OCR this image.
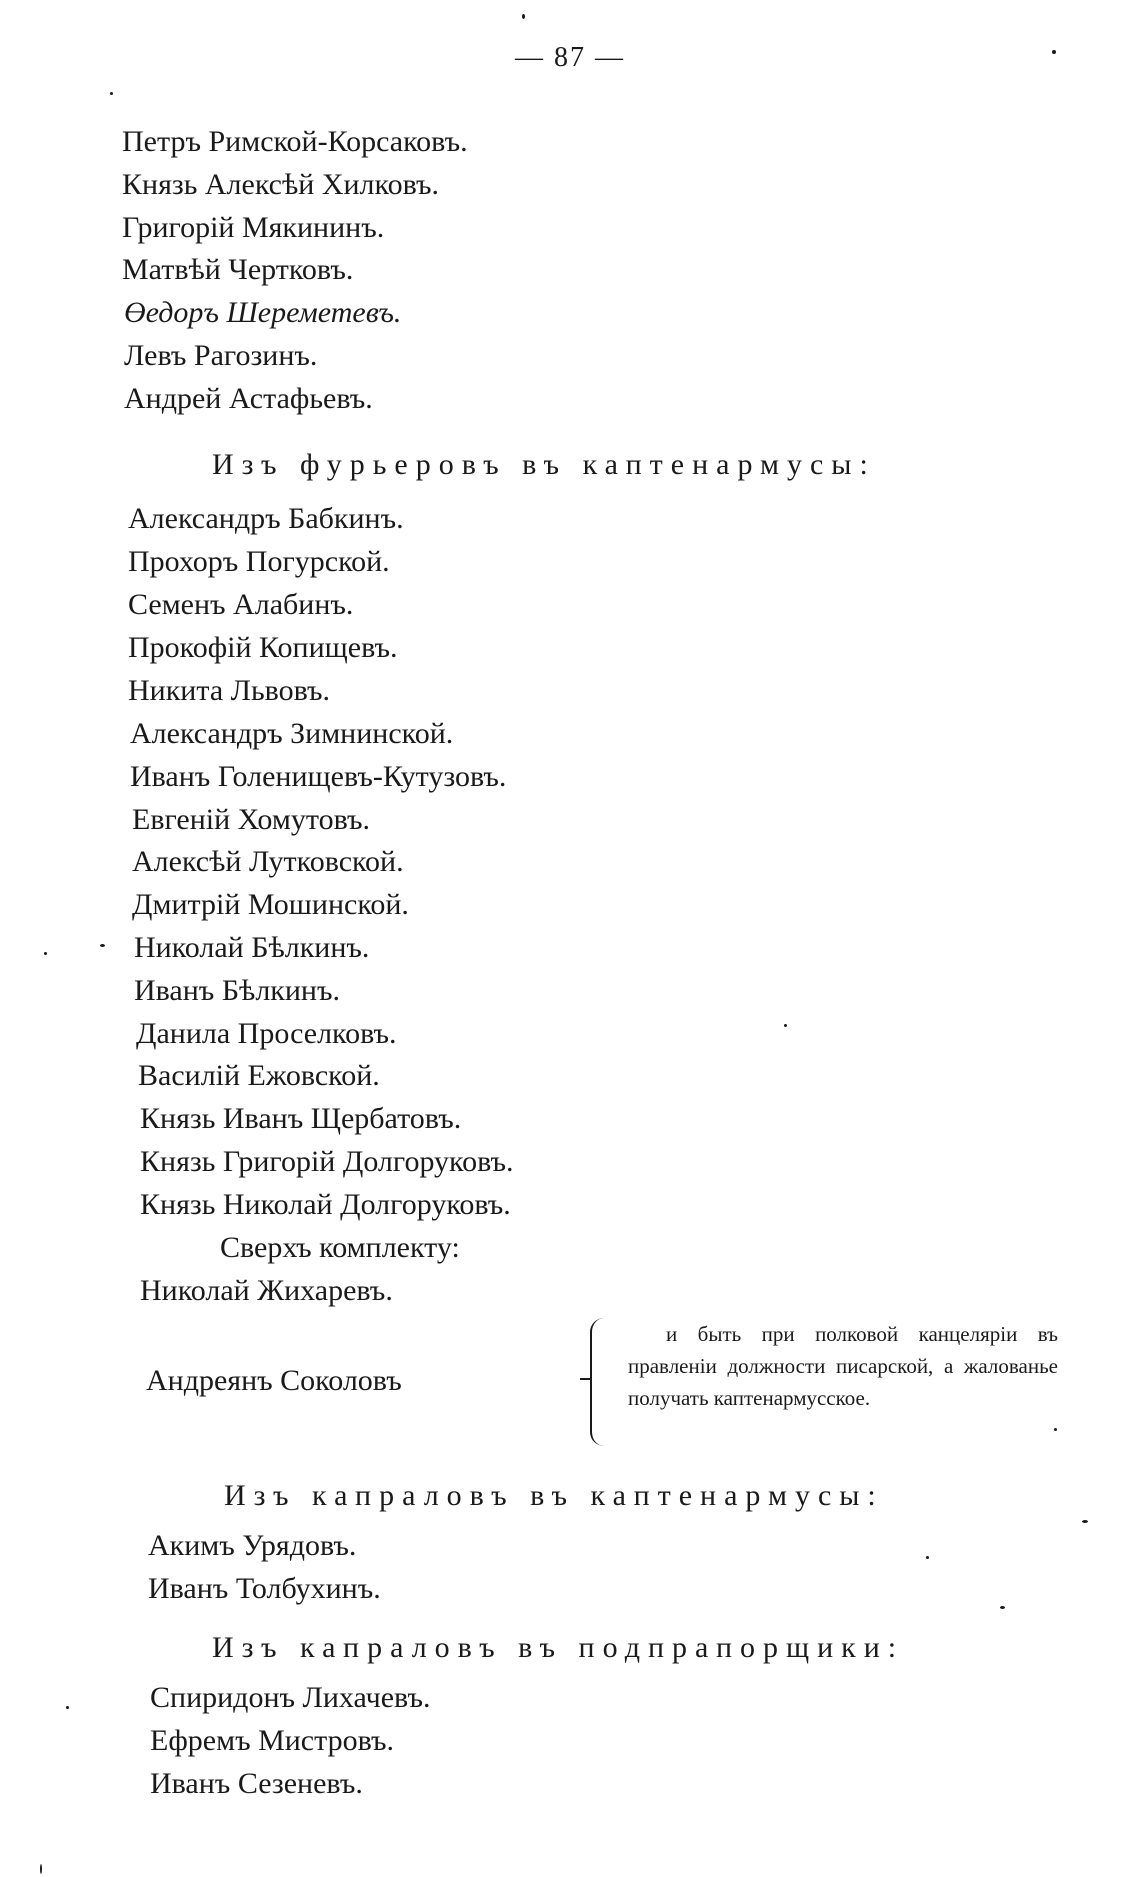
— 87 —
Петръ Римской-Корсаковъ.
Князь Алексѣй Хилковъ.
Григорій Мякининъ.
Матвѣй Чертковъ.
Өедоръ Шереметевъ.
Левъ Рагозинъ.
Андрей Астафьевъ.
Изъ фурьеровъ въ каптенармусы:
Александръ Бабкинъ.
Прохоръ Погурской.
Семенъ Алабинъ.
Прокофій Копищевъ.
Никита Львовъ.
Александръ Зимнинской.
Иванъ Голенищевъ-Кутузовъ.
Евгеній Хомутовъ.
Алексѣй Лутковской.
Дмитрій Мошинской.
Николай Бѣлкинъ.
Иванъ Бѣлкинъ.
Данила Проселковъ.
Василій Ежовской.
Князь Иванъ Щербатовъ.
Князь Григорій Долгоруковъ.
Князь Николай Долгоруковъ.
Сверхъ комплекту:
Николай Жихаревъ.
Андреянъ Соколовъ
и быть при полковой канцеляріи въ правленіи должности писарской, а жалованье получать каптенармусское.
Изъ капраловъ въ каптенармусы:
Акимъ Урядовъ.
Иванъ Толбухинъ.
Изъ капраловъ въ подпрапорщики:
Спиридонъ Лихачевъ.
Ефремъ Мистровъ.
Иванъ Сезеневъ.
